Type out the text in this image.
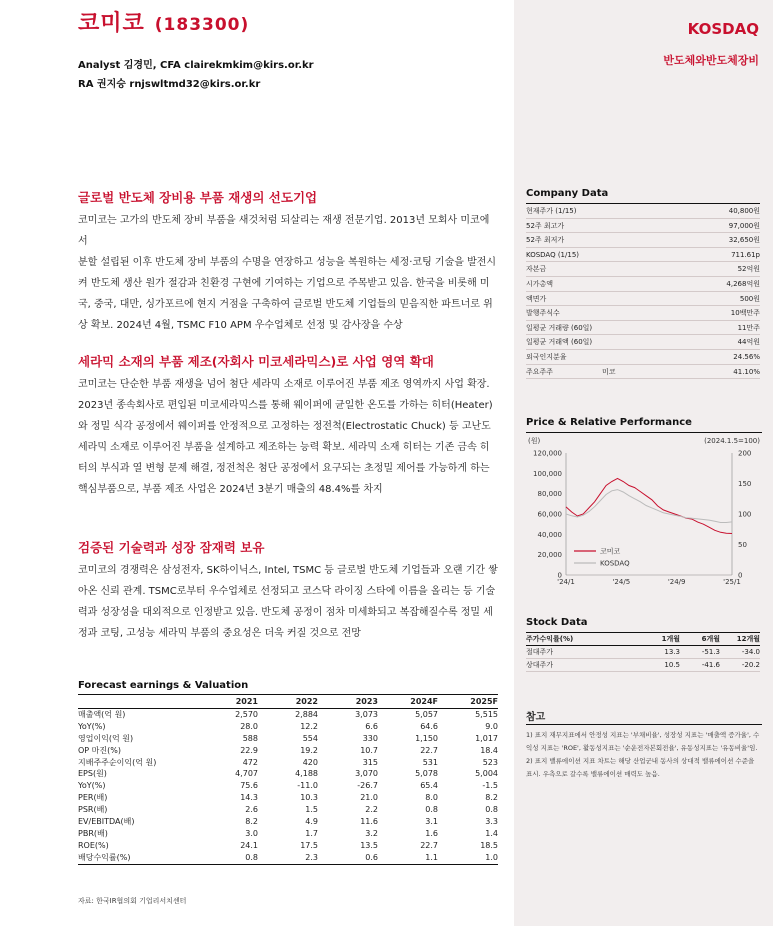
코미코 (183300)
Analyst 김경민, CFA clairekmkim@kirs.or.kr
RA 권지승 rnjswltmd32@kirs.or.kr
KOSDAQ
반도체와반도체장비
글로벌 반도체 장비용 부품 재생의 선도기업
코미코는 고가의 반도체 장비 부품을 새것처럼 되살리는 재생 전문기업. 2013년 모회사 미코에서
분할 설립된 이후 반도체 장비 부품의 수명을 연장하고 성능을 복원하는 세정·코팅 기술을 발전시
켜 반도체 생산 원가 절감과 친환경 구현에 기여하는 기업으로 주목받고 있음. 한국을 비롯해 미
국, 중국, 대만, 싱가포르에 현지 거점을 구축하여 글로벌 반도체 기업들의 믿음직한 파트너로 위
상 확보. 2024년 4월, TSMC F10 APM 우수업체로 선정 및 감사장을 수상
세라믹 소재의 부품 제조(자회사 미코세라믹스)로 사업 영역 확대
코미코는 단순한 부품 재생을 넘어 첨단 세라믹 소재로 이루어진 부품 제조 영역까지 사업 확장.
2023년 종속회사로 편입된 미코세라믹스를 통해 웨이퍼에 균일한 온도를 가하는 히터(Heater)
와 정밀 식각 공정에서 웨이퍼를 안정적으로 고정하는 정전척(Electrostatic Chuck) 등 고난도
세라믹 소재로 이루어진 부품을 설계하고 제조하는 능력 확보. 세라믹 소재 히터는 기존 금속 히
터의 부식과 열 변형 문제 해결, 정전척은 첨단 공정에서 요구되는 초정밀 제어를 가능하게 하는
핵심부품으로, 부품 제조 사업은 2024년 3분기 매출의 48.4%를 차지
검증된 기술력과 성장 잠재력 보유
코미코의 경쟁력은 삼성전자, SK하이닉스, Intel, TSMC 등 글로벌 반도체 기업들과 오랜 기간 쌓
아온 신뢰 관계. TSMC로부터 우수업체로 선정되고 코스닥 라이징 스타에 이름을 올리는 등 기술
력과 성장성을 대외적으로 인정받고 있음. 반도체 공정이 점차 미세화되고 복잡해질수록 정밀 세
정과 코팅, 고성능 세라믹 부품의 중요성은 더욱 커질 것으로 전망
Forecast earnings & Valuation
2021	2022	2023	2024F	2025F
매출액(억 원)	2,570	2,884	3,073	5,057	5,515
YoY(%)	28.0	12.2	6.6	64.6	9.0
영업이익(억 원)	588	554	330	1,150	1,017
OP 마진(%)	22.9	19.2	10.7	22.7	18.4
지배주주순이익(억 원)	472	420	315	531	523
EPS(원)	4,707	4,188	3,070	5,078	5,004
YoY(%)	75.6	-11.0	-26.7	65.4	-1.5
PER(배)	14.3	10.3	21.0	8.0	8.2
PSR(배)	2.6	1.5	2.2	0.8	0.8
EV/EBITDA(배)	8.2	4.9	11.6	3.1	3.3
PBR(배)	3.0	1.7	3.2	1.6	1.4
ROE(%)	24.1	17.5	13.5	22.7	18.5
배당수익률(%)	0.8	2.3	0.6	1.1	1.0
자료: 한국IR협의회 기업리서치센터
Company Data
현재주가 (1/15)	40,800원
52주 최고가	97,000원
52주 최저가	32,650원
KOSDAQ (1/15)	711.61p
자본금	52억원
시가총액	4,268억원
액면가	500원
발행주식수	10백만주
일평균 거래량 (60일)	11만주
일평균 거래액 (60일)	44억원
외국인지분율	24.56%
주요주주	미코	41.10%
Price & Relative Performance
(원)	(2024.1.5=100)
120,000
100,000
80,000
60,000
40,000
20,000
0
200
150
100
50
0
'24/1	'24/5	'24/9	'25/1
코미코
KOSDAQ
Stock Data
주가수익률(%)	1개월	6개월	12개월
절대주가	13.3	-51.3	-34.0
상대주가	10.5	-41.6	-20.2
참고
1) 표지 재무지표에서 안정성 지표는 '부채비율', 성장성 지표는 '매출액 증가율', 수익성 지표는 'ROE', 활동성지표는 '순운전자본회전율', 유동성지표는 '유동비율'임. 2) 표지 밸류에이션 지표 차트는 해당 산업군내 동사의 상대적 밸류에이션 수준을 표시. 우측으로 갈수록 밸류에이션 매력도 높음.
